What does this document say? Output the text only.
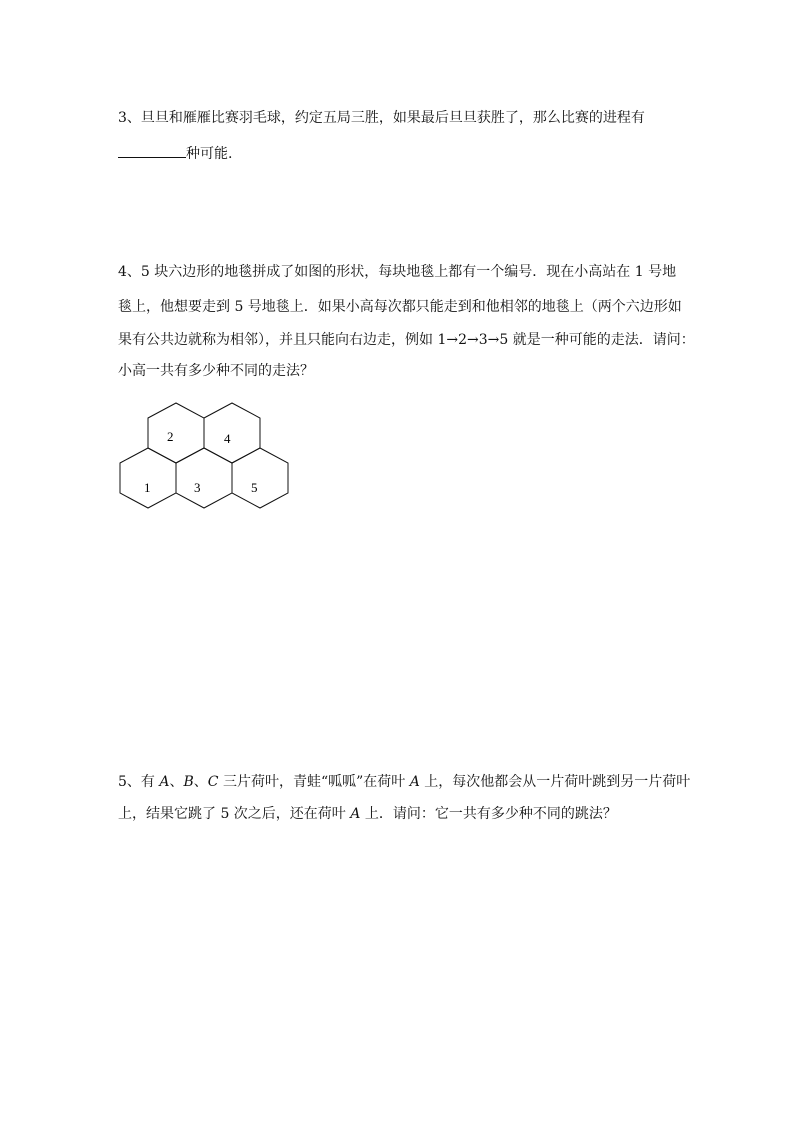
3、旦旦和雁雁比赛羽毛球，约定五局三胜，如果最后旦旦获胜了，那么比赛的进程有
种可能.
4、5 块六边形的地毯拼成了如图的形状，每块地毯上都有一个编号．现在小高站在 1 号地
毯上，他想要走到 5 号地毯上．如果小高每次都只能走到和他相邻的地毯上（两个六边形如
果有公共边就称为相邻），并且只能向右边走，例如 1→2→3→5 就是一种可能的走法．请问：
小高一共有多少种不同的走法？
1
2
3
4
5
5、有 A、B、C 三片荷叶，青蛙“呱呱”在荷叶 A 上，每次他都会从一片荷叶跳到另一片荷叶
上，结果它跳了 5 次之后，还在荷叶 A 上．请问：它一共有多少种不同的跳法？
